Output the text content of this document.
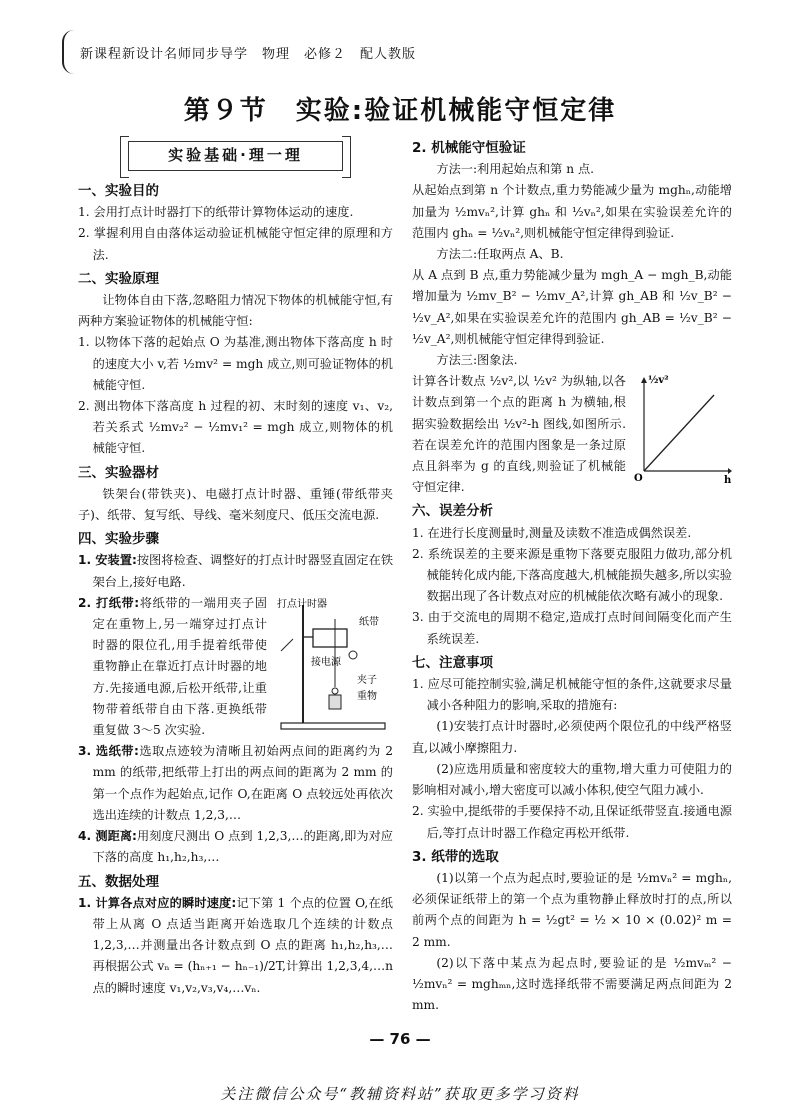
新课程新设计名师同步导学　物理　必修２　配人教版
第９节　实验:验证机械能守恒定律
实验基础·理一理
一、实验目的

1. 会用打点计时器打下的纸带计算物体运动的速度.

2. 掌握利用自由落体运动验证机械能守恒定律的原理和方法.

二、实验原理

让物体自由下落,忽略阻力情况下物体的机械能守恒,有两种方案验证物体的机械能守恒:

1. 以物体下落的起始点 O 为基准,测出物体下落高度 h 时的速度大小 v,若 ½mv² = mgh 成立,则可验证物体的机械能守恒.

2. 测出物体下落高度 h 过程的初、末时刻的速度 v₁、v₂,若关系式 ½mv₂² − ½mv₁² = mgh 成立,则物体的机械能守恒.

三、实验器材

铁架台(带铁夹)、电磁打点计时器、重锤(带纸带夹子)、纸带、复写纸、导线、毫米刻度尺、低压交流电源.

四、实验步骤

1. 安装置:按图将检查、调整好的打点计时器竖直固定在铁架台上,接好电路.

打点计时器
纸带
接电源
夹子
重物

2. 打纸带:将纸带的一端用夹子固定在重物上,另一端穿过打点计时器的限位孔,用手提着纸带使重物静止在靠近打点计时器的地方.先接通电源,后松开纸带,让重物带着纸带自由下落.更换纸带重复做 3～5 次实验.

3. 选纸带:选取点迹较为清晰且初始两点间的距离约为 2 mm 的纸带,把纸带上打出的两点间的距离为 2 mm 的第一个点作为起始点,记作 O,在距离 O 点较远处再依次选出连续的计数点 1,2,3,…

4. 测距离:用刻度尺测出 O 点到 1,2,3,…的距离,即为对应下落的高度 h₁,h₂,h₃,…

五、数据处理

1. 计算各点对应的瞬时速度:记下第 1 个点的位置 O,在纸带上从离 O 点适当距离开始选取几个连续的计数点 1,2,3,…并测量出各计数点到 O 点的距离 h₁,h₂,h₃,…再根据公式 vₙ = (hₙ₊₁ − hₙ₋₁)/2T,计算出 1,2,3,4,…n 点的瞬时速度 v₁,v₂,v₃,v₄,…vₙ.

2. 机械能守恒验证

方法一:利用起始点和第 n 点.

从起始点到第 n 个计数点,重力势能减少量为 mghₙ,动能增加量为 ½mvₙ²,计算 ghₙ 和 ½vₙ²,如果在实验误差允许的范围内 ghₙ = ½vₙ²,则机械能守恒定律得到验证.

方法二:任取两点 A、B.

从 A 点到 B 点,重力势能减少量为 mgh_A − mgh_B,动能增加量为 ½mv_B² − ½mv_A²,计算 gh_AB 和 ½v_B² − ½v_A²,如果在实验误差允许的范围内 gh_AB = ½v_B² − ½v_A²,则机械能守恒定律得到验证.

方法三:图象法.

½v²
h
O

计算各计数点 ½v²,以 ½v² 为纵轴,以各计数点到第一个点的距离 h 为横轴,根据实验数据绘出 ½v²-h 图线,如图所示.若在误差允许的范围内图象是一条过原点且斜率为 g 的直线,则验证了机械能守恒定律.

六、误差分析

1. 在进行长度测量时,测量及读数不准造成偶然误差.

2. 系统误差的主要来源是重物下落要克服阻力做功,部分机械能转化成内能,下落高度越大,机械能损失越多,所以实验数据出现了各计数点对应的机械能依次略有减小的现象.

3. 由于交流电的周期不稳定,造成打点时间间隔变化而产生系统误差.

七、注意事项

1. 应尽可能控制实验,满足机械能守恒的条件,这就要求尽量减小各种阻力的影响,采取的措施有:

(1)安装打点计时器时,必须使两个限位孔的中线严格竖直,以减小摩擦阻力.

(2)应选用质量和密度较大的重物,增大重力可使阻力的影响相对减小,增大密度可以减小体积,使空气阻力减小.

2. 实验中,提纸带的手要保持不动,且保证纸带竖直.接通电源后,等打点计时器工作稳定再松开纸带.

3. 纸带的选取

(1)以第一个点为起点时,要验证的是 ½mvₙ² = mghₙ,必须保证纸带上的第一个点为重物静止释放时打的点,所以前两个点的间距为 h = ½gt² = ½ × 10 × (0.02)² m = 2 mm.

(2)以下落中某点为起点时,要验证的是 ½mvₘ² − ½mvₙ² = mghₘₙ,这时选择纸带不需要满足两点间距为 2 mm.

— 76 —
关注微信公众号“教辅资料站”获取更多学习资料
